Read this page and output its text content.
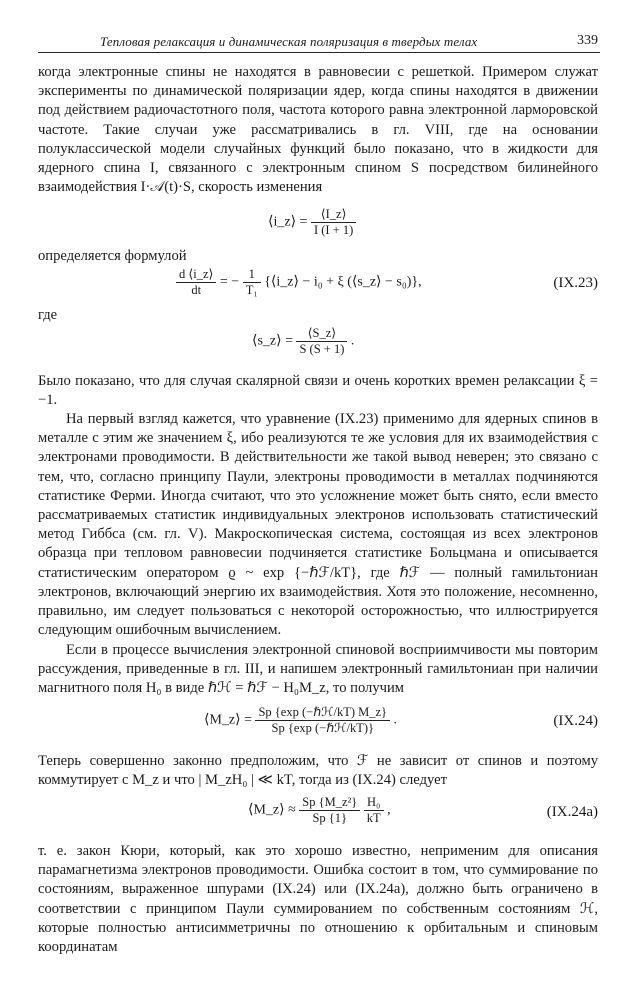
Тепловая релаксация и динамическая поляризация в твердых телах	339
когда электронные спины не находятся в равновесии с решеткой. Примером служат эксперименты по динамической поляризации ядер, когда спины находятся в движении под действием радиочастотного поля, частота которого равна электронной ларморовской частоте. Такие случаи уже рассматривались в гл. VIII, где на основании полуклассической модели случайных функций было показано, что в жидкости для ядерного спина I, связанного с электронным спином S посредством билинейного взаимодействия I·𝒜(t)·S, скорость изменения
⟨i_z⟩ = $\frac{⟨I\_z⟩}{I (I + 1)}$
определяется формулой
$\frac{d ⟨i\_z⟩}{dt}$ = − $\frac{1}{\text{T₁}}$ {⟨i_z⟩ − i₀ + ξ (⟨s_z⟩ − s₀)},	(IX.23)
где
⟨s_z⟩ = $\frac{⟨S\_z⟩}{S (S + 1)}$ .
Было показано, что для случая скалярной связи и очень коротких времен релаксации ξ = −1.
На первый взгляд кажется, что уравнение (IX.23) применимо для ядерных спинов в металле с этим же значением ξ, ибо реализуются те же условия для их взаимодействия с электронами проводимости. В действительности же такой вывод неверен; это связано с тем, что, согласно принципу Паули, электроны проводимости в металлах подчиняются статистике Ферми. Иногда считают, что это усложнение может быть снято, если вместо рассматриваемых статистик индивидуальных электронов использовать статистический метод Гиббса (см. гл. V). Макроскопическая система, состоящая из всех электронов образца при тепловом равновесии подчиняется статистике Больцмана и описывается статистическим оператором ϱ ~ exp {−ℏℱ/kT}, где ℏℱ — полный гамильтониан электронов, включающий энергию их взаимодействия. Хотя это положение, несомненно, правильно, им следует пользоваться с некоторой осторожностью, что иллюстрируется следующим ошибочным вычислением.
Если в процессе вычисления электронной спиновой восприимчивости мы повторим рассуждения, приведенные в гл. III, и напишем электронный гамильтониан при наличии магнитного поля H₀ в виде ℏℋ = ℏℱ − H₀M_z, то получим
⟨M_z⟩ = $\frac{\text{Sp \{exp (−ℏℋ/kT) M\_z\}}}{\text{Sp \{exp (−ℏℋ/kT)\}}}$ .	(IX.24)
Теперь совершенно законно предположим, что ℱ не зависит от спинов и поэтому коммутирует с M_z и что | M_zH₀ | ≪ kT, тогда из (IX.24) следует
⟨M_z⟩ ≈ $\frac{\text{Sp \{M\_z²\}}}{Sp \{1\}}$
$\frac{\text{H₀}}{kT}$ ,	(IX.24a)
т. е. закон Кюри, который, как это хорошо известно, неприменим для описания парамагнетизма электронов проводимости. Ошибка состоит в том, что суммирование по состояниям, выраженное шпурами (IX.24) или (IX.24a), должно быть ограничено в соответствии с принципом Паули суммированием по собственным состояниям ℋ, которые полностью антисимметричны по отношению к орбитальным и спиновым координатам
